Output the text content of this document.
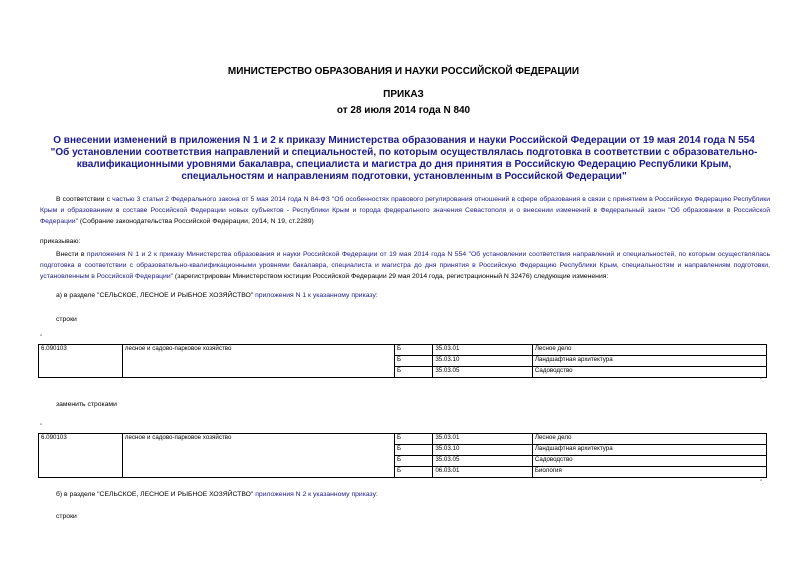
МИНИСТЕРСТВО ОБРАЗОВАНИЯ И НАУКИ РОССИЙСКОЙ ФЕДЕРАЦИИ
ПРИКАЗ
от 28 июля 2014 года N 840
О внесении изменений в приложения N 1 и 2 к приказу Министерства образования и науки Российской Федерации от 19 мая 2014 года N 554 "Об установлении соответствия направлений и специальностей, по которым осуществлялась подготовка в соответствии с образовательно-квалификационными уровнями бакалавра, специалиста и магистра до дня принятия в Российскую Федерацию Республики Крым, специальностям и направлениям подготовки, установленным в Российской Федерации"
В соответствии с частью 3 статьи 2 Федерального закона от 5 мая 2014 года N 84-ФЗ "Об особенностях правового регулирования отношений в сфере образования в связи с принятием в Российскую Федерацию Республики Крым и образованием в составе Российской Федерации новых субъектов - Республики Крым и города федерального значения Севастополя и о внесении изменений в Федеральный закон "Об образовании в Российской Федерации" (Собрание законодательства Российской Федерации, 2014, N 19, ст.2289)
приказываю:
Внести в приложения N 1 и 2 к приказу Министерства образования и науки Российской Федерации от 19 мая 2014 года N 554 "Об установлении соответствия направлений и специальностей, по которым осуществлялась подготовка в соответствии с образовательно-квалификационными уровнями бакалавра, специалиста и магистра до дня принятия в Российскую Федерацию Республики Крым, специальностям и направлениям подготовки, установленным в Российской Федерации" (зарегистрирован Министерством юстиции Российской Федерации 29 мая 2014 года, регистрационный N 32476) следующие изменения:
а) в разделе "СЕЛЬСКОЕ, ЛЕСНОЕ И РЫБНОЕ ХОЗЯЙСТВО" приложения N 1 к указанному приказу:
строки
"
6.090103	лесное и садово-парковое хозяйство	Б	35.03.01	Лесное дело
		Б	35.03.10	Ландшафтная архитектура
		Б	35.03.05	Садоводство
".
заменить строками
"
6.090103	лесное и садово-парковое хозяйство	Б	35.03.01	Лесное дело
		Б	35.03.10	Ландшафтная архитектура
		Б	35.03.05	Садоводство
		Б	06.03.01	Биология
".
б) в разделе "СЕЛЬСКОЕ, ЛЕСНОЕ И РЫБНОЕ ХОЗЯЙСТВО" приложения N 2 к указанному приказу:
строки
